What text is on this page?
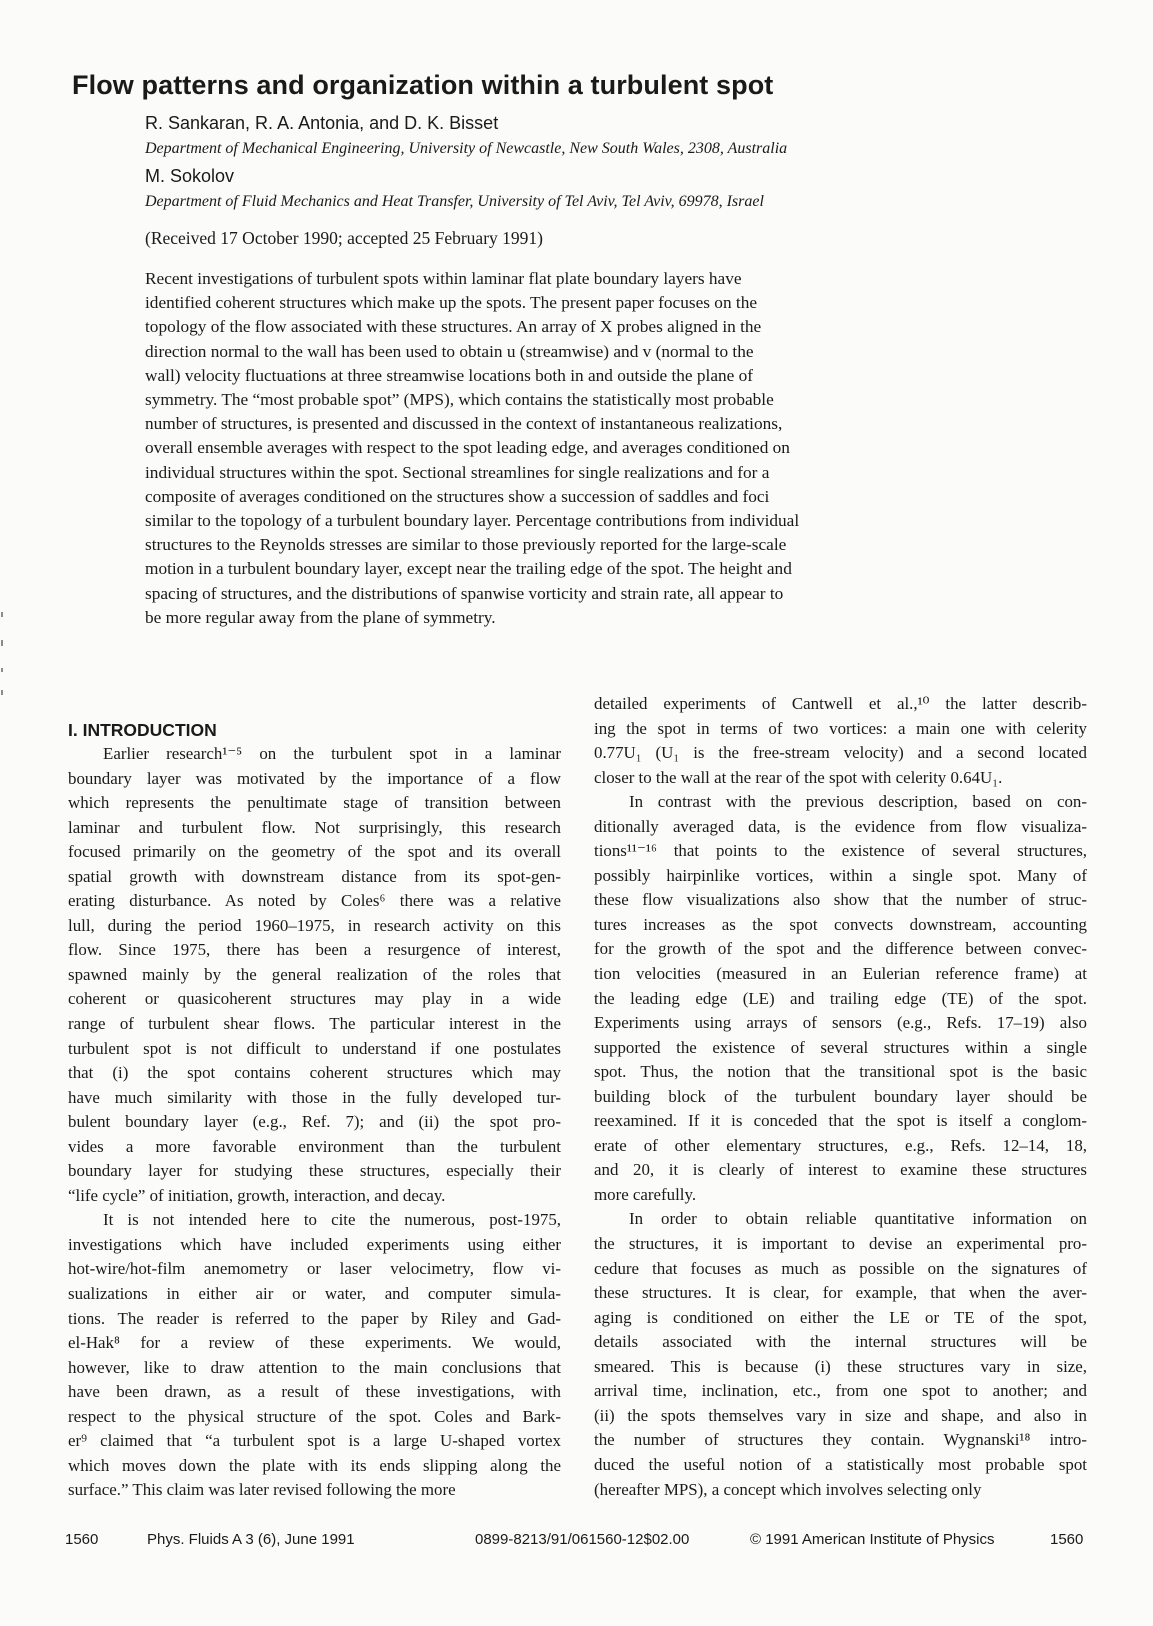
Flow patterns and organization within a turbulent spot
R. Sankaran, R. A. Antonia, and D. K. Bisset
Department of Mechanical Engineering, University of Newcastle, New South Wales, 2308, Australia
M. Sokolov
Department of Fluid Mechanics and Heat Transfer, University of Tel Aviv, Tel Aviv, 69978, Israel
(Received 17 October 1990; accepted 25 February 1991)
Recent investigations of turbulent spots within laminar flat plate boundary layers have
identified coherent structures which make up the spots. The present paper focuses on the
topology of the flow associated with these structures. An array of X probes aligned in the
direction normal to the wall has been used to obtain u (streamwise) and v (normal to the
wall) velocity fluctuations at three streamwise locations both in and outside the plane of
symmetry. The “most probable spot” (MPS), which contains the statistically most probable
number of structures, is presented and discussed in the context of instantaneous realizations,
overall ensemble averages with respect to the spot leading edge, and averages conditioned on
individual structures within the spot. Sectional streamlines for single realizations and for a
composite of averages conditioned on the structures show a succession of saddles and foci
similar to the topology of a turbulent boundary layer. Percentage contributions from individual
structures to the Reynolds stresses are similar to those previously reported for the large-scale
motion in a turbulent boundary layer, except near the trailing edge of the spot. The height and
spacing of structures, and the distributions of spanwise vorticity and strain rate, all appear to
be more regular away from the plane of symmetry.
I. INTRODUCTION
Earlier research¹⁻⁵ on the turbulent spot in a laminar
boundary layer was motivated by the importance of a flow
which represents the penultimate stage of transition between
laminar and turbulent flow. Not surprisingly, this research
focused primarily on the geometry of the spot and its overall
spatial growth with downstream distance from its spot-gen-
erating disturbance. As noted by Coles⁶ there was a relative
lull, during the period 1960–1975, in research activity on this
flow. Since 1975, there has been a resurgence of interest,
spawned mainly by the general realization of the roles that
coherent or quasicoherent structures may play in a wide
range of turbulent shear flows. The particular interest in the
turbulent spot is not difficult to understand if one postulates
that (i) the spot contains coherent structures which may
have much similarity with those in the fully developed tur-
bulent boundary layer (e.g., Ref. 7); and (ii) the spot pro-
vides a more favorable environment than the turbulent
boundary layer for studying these structures, especially their
“life cycle” of initiation, growth, interaction, and decay.
It is not intended here to cite the numerous, post-1975,
investigations which have included experiments using either
hot-wire/hot-film anemometry or laser velocimetry, flow vi-
sualizations in either air or water, and computer simula-
tions. The reader is referred to the paper by Riley and Gad-
el-Hak⁸ for a review of these experiments. We would,
however, like to draw attention to the main conclusions that
have been drawn, as a result of these investigations, with
respect to the physical structure of the spot. Coles and Bark-
er⁹ claimed that “a turbulent spot is a large U-shaped vortex
which moves down the plate with its ends slipping along the
surface.” This claim was later revised following the more
detailed experiments of Cantwell et al.,¹⁰ the latter describ-
ing the spot in terms of two vortices: a main one with celerity
0.77U₁ (U₁ is the free-stream velocity) and a second located
closer to the wall at the rear of the spot with celerity 0.64U₁.
In contrast with the previous description, based on con-
ditionally averaged data, is the evidence from flow visualiza-
tions¹¹⁻¹⁶ that points to the existence of several structures,
possibly hairpinlike vortices, within a single spot. Many of
these flow visualizations also show that the number of struc-
tures increases as the spot convects downstream, accounting
for the growth of the spot and the difference between convec-
tion velocities (measured in an Eulerian reference frame) at
the leading edge (LE) and trailing edge (TE) of the spot.
Experiments using arrays of sensors (e.g., Refs. 17–19) also
supported the existence of several structures within a single
spot. Thus, the notion that the transitional spot is the basic
building block of the turbulent boundary layer should be
reexamined. If it is conceded that the spot is itself a conglom-
erate of other elementary structures, e.g., Refs. 12–14, 18,
and 20, it is clearly of interest to examine these structures
more carefully.
In order to obtain reliable quantitative information on
the structures, it is important to devise an experimental pro-
cedure that focuses as much as possible on the signatures of
these structures. It is clear, for example, that when the aver-
aging is conditioned on either the LE or TE of the spot,
details associated with the internal structures will be
smeared. This is because (i) these structures vary in size,
arrival time, inclination, etc., from one spot to another; and
(ii) the spots themselves vary in size and shape, and also in
the number of structures they contain. Wygnanski¹⁸ intro-
duced the useful notion of a statistically most probable spot
(hereafter MPS), a concept which involves selecting only
1560	Phys. Fluids A 3 (6), June 1991	0899-8213/91/061560-12$02.00	© 1991 American Institute of Physics	1560
